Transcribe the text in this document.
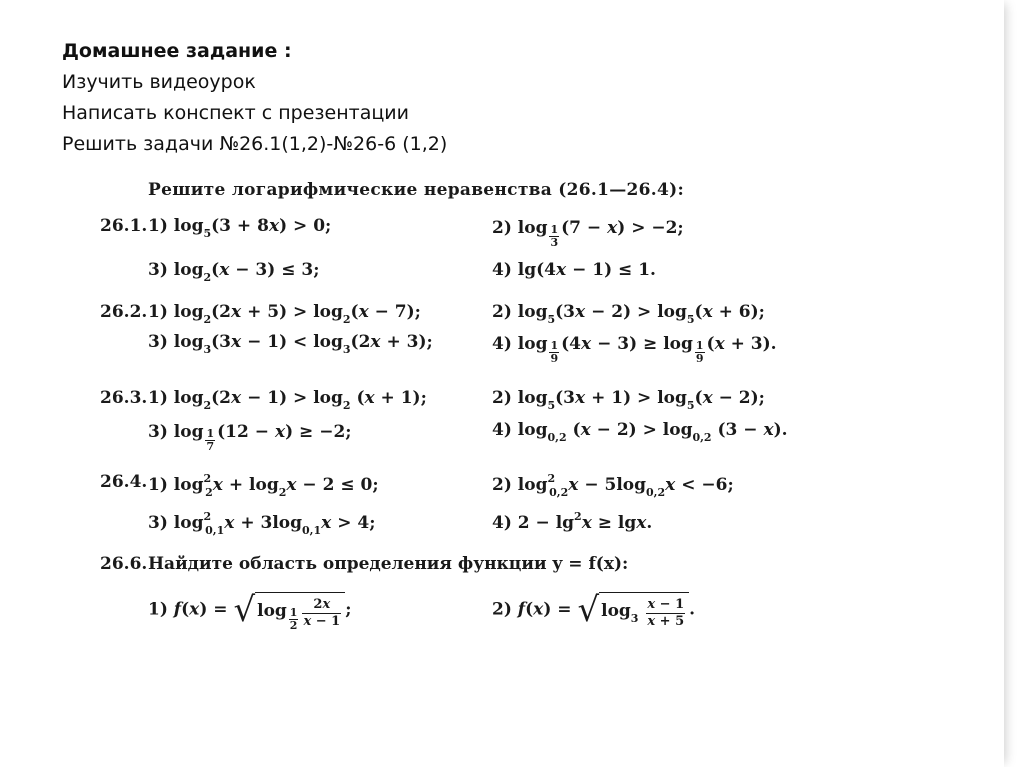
Домашнее задание :
Изучить видеоурок
Написать конспект с презентации
Решить задачи №26.1(1,2)-№26-6 (1,2)
Решите логарифмические неравенства (26.1—26.4):
26.1. 1) $\log_5(3 + 8x) > 0$;	2) $\log \frac{1}{3} (7 - x) > -2$;
3) $\log_2(x - 3) \le 3$;	4) lg(4x − 1) ≤ 1.
26.2. 1) $\log_2(2x + 5) > \log_2(x - 7)$;	2) $\log_5(3x - 2) > \log_5(x + 6)$;
3) $\log_3(3x - 1) < \log_3(2x + 3)$;	4) $\log \frac{1}{9} (4x - 3) \ge \log \frac{1}{9} (x + 3)$.
26.3. 1) $\log_2(2x - 1) > \log_2 (x + 1)$;	2) $\log_5(3x + 1) > \log_5(x - 2)$;
3) $\log \frac{1}{7} (12 - x) \ge -2$;	4) $\log_{0,2} (x - 2) > \log_{0,2} (3 - x)$.
26.4. 1) $\log^2_2x + \log_2x - 2 \le 0$;	2) $\log^2_{0,2}x - 5\log_{0,2}x < -6$;
3) $\log^2_{0,1}x + 3\log_{0,1}x > 4$;	4) $2 - \lg^2x \ge \lg x$.
26.6. Найдите область определения функции y = f(x):
1) f(x) = √ $\log \frac{1}{2} \frac{2x}{x - 1}$ ;	2) f(x) = √ $\log_3 \frac{x - 1}{x + 5}$ .
